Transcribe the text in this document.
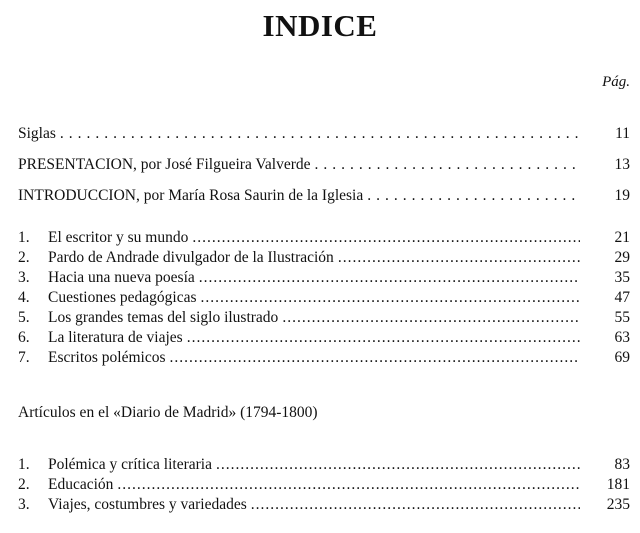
INDICE
Pág.
Siglas .....	11
PRESENTACION, por José Filgueira Valverde .....	13
INTRODUCCION, por María Rosa Saurin de la Iglesia .....	19
1.	El escritor y su mundo .....	21
2.	Pardo de Andrade divulgador de la Ilustración .....	29
3.	Hacia una nueva poesía .....	35
4.	Cuestiones pedagógicas .....	47
5.	Los grandes temas del siglo ilustrado .....	55
6.	La literatura de viajes .....	63
7.	Escritos polémicos .....	69
Artículos en el «Diario de Madrid» (1794-1800)
1.	Polémica y crítica literaria .....	83
2.	Educación .....	181
3.	Viajes, costumbres y variedades .....	235
